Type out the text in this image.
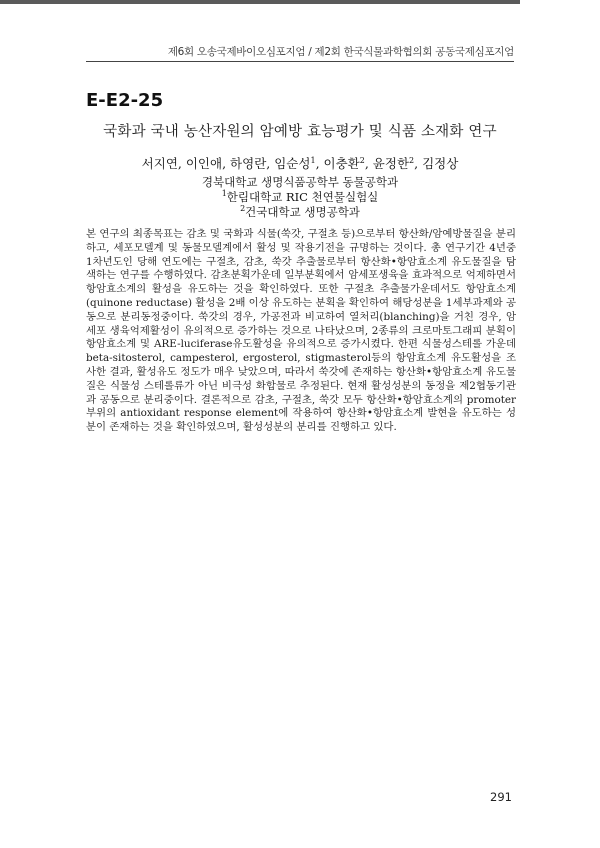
제6회 오송국제바이오심포지엄 / 제2회 한국식물과학협의회 공동국제심포지엄
E-E2-25
국화과 국내 농산자원의 암예방 효능평가 및 식품 소재화 연구
서지연, 이인애, 하영란, 임순성$^1$, 이충환$^2$, 윤정한$^2$, 김정상
경북대학교 생명식품공학부 동물공학과
$^1$한림대학교 RIC 천연물실험실
$^2$건국대학교 생명공학과

본 연구의 최종목표는 감초 및 국화과 식물(쑥갓, 구절초 등)으로부터 항산화/암예방물질을 분리하고, 세포모델계 및 동물모델계에서 활성 및 작용기전을 규명하는 것이다. 총 연구기간 4년중 1차년도인 당해 연도에는 구절초, 감초, 쑥갓 추출물로부터 항산화•항암효소계 유도물질을 탐색하는 연구를 수행하였다. 감초분획가운데 일부분획에서 암세포생육을 효과적으로 억제하면서 항암효소계의 활성을 유도하는 것을 확인하였다. 또한 구절초 추출물가운데서도 항암효소계 (quinone reductase) 활성을 2배 이상 유도하는 분획을 확인하여 해당성분을 1세부과제와 공동으로 분리동정중이다. 쑥갓의 경우, 가공전과 비교하여 열처리(blanching)을 거친 경우, 암세포 생육억제활성이 유의적으로 증가하는 것으로 나타났으며, 2종류의 크로마토그래피 분획이 항암효소계 및 ARE-luciferase유도활성을 유의적으로 증가시켰다. 한편 식물성스테롤 가운데 beta-sitosterol, campesterol, ergosterol, stigmasterol등의 항암효소계 유도활성을 조사한 결과, 활성유도 정도가 매우 낮았으며, 따라서 쑥갓에 존재하는 항산화•항암효소계 유도물질은 식물성 스테롤류가 아닌 비극성 화합물로 추정된다. 현재 활성성분의 동정을 제2협동기관과 공동으로 분리중이다. 결론적으로 감초, 구절초, 쑥갓 모두 항산화•항암효소계의 promoter 부위의 antioxidant response element에 작용하여 항산화•항암효소계 발현을 유도하는 성분이 존재하는 것을 확인하였으며, 활성성분의 분리를 진행하고 있다.

291
